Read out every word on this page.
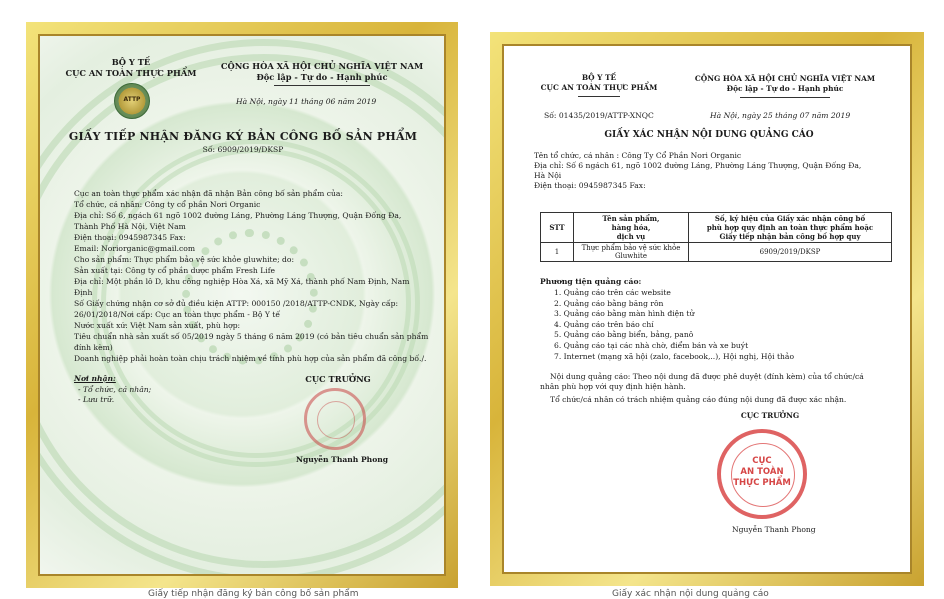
BỘ Y TẾ
CỤC AN TOÀN THỰC PHẨM
ATTP
CỘNG HÒA XÃ HỘI CHỦ NGHĨA VIỆT NAM
Độc lập - Tự do - Hạnh phúc
Hà Nội, ngày 11 tháng 06 năm 2019
GIẤY TIẾP NHẬN ĐĂNG KÝ BẢN CÔNG BỐ SẢN PHẨM
Số: 6909/2019/DKSP
Cục an toàn thực phẩm xác nhận đã nhận Bản công bố sản phẩm của:
Tổ chức, cá nhân: Công ty cổ phần Nori Organic
Địa chỉ: Số 6, ngách 61 ngõ 1002 đường Láng, Phường Láng Thượng, Quận Đống Đa,
Thành Phố Hà Nội, Việt Nam
Điện thoại: 0945987345 Fax:
Email: Noriorganic@gmail.com
Cho sản phẩm: Thực phẩm bảo vệ sức khỏe gluwhite; do:
Sản xuất tại: Công ty cổ phần dược phẩm Fresh Life
Địa chỉ: Một phần lô D, khu công nghiệp Hòa Xá, xã Mỹ Xá, thành phố Nam Định, Nam
Định
Số Giấy chứng nhận cơ sở đủ điều kiện ATTP: 000150 /2018/ATTP-CNDK, Ngày cấp:
26/01/2018/Nơi cấp: Cục an toàn thực phẩm - Bộ Y tế
Nước xuất xứ: Việt Nam sản xuất, phù hợp:
Tiêu chuẩn nhà sản xuất số 05/2019 ngày 5 tháng 6 năm 2019 (có bản tiêu chuẩn sản phẩm
đính kèm)
Doanh nghiệp phải hoàn toàn chịu trách nhiệm về tính phù hợp của sản phẩm đã công bố./.
Nơi nhận:
- Tổ chức, cá nhân;
- Lưu trữ.
CỤC TRƯỞNG
Nguyễn Thanh Phong
BỘ Y TẾ
CỤC AN TOÀN THỰC PHẨM
CỘNG HÒA XÃ HỘI CHỦ NGHĨA VIỆT NAM
Độc lập - Tự do - Hạnh phúc
Số: 01435/2019/ATTP-XNQC	Hà Nội, ngày 25 tháng 07 năm 2019
GIẤY XÁC NHẬN NỘI DUNG QUẢNG CÁO
Tên tổ chức, cá nhân : Công Ty Cổ Phần Nori Organic
Địa chỉ: Số 6 ngách 61, ngõ 1002 đường Láng, Phường Láng Thượng, Quận Đống Đa,
Hà Nội
Điện thoại: 0945987345 Fax:
STT	Tên sản phẩm,
hàng hóa,
dịch vụ	Số, ký hiệu của Giấy xác nhận công bố
phù hợp quy định an toàn thực phẩm hoặc
Giấy tiếp nhận bản công bố hợp quy
1	Thực phẩm bảo vệ sức khỏe Gluwhite	6909/2019/DKSP
Phương tiện quảng cáo:
1. Quảng cáo trên các website
2. Quảng cáo bằng băng rôn
3. Quảng cáo bằng màn hình điện tử
4. Quảng cáo trên báo chí
5. Quảng cáo bằng biển, bảng, panô
6. Quảng cáo tại các nhà chờ, điểm bán và xe buýt
7. Internet (mạng xã hội (zalo, facebook,..), Hội nghị, Hội thảo
Nội dung quảng cáo: Theo nội dung đã được phê duyệt (đính kèm) của tổ chức/cá
nhân phù hợp với quy định hiện hành.
Tổ chức/cá nhân có trách nhiệm quảng cáo đúng nội dung đã được xác nhận.
CỤC TRƯỞNG
CỤC
AN TOÀN
THỰC PHẨM
Nguyễn Thanh Phong
Giấy tiếp nhận đăng ký bản công bố sản phẩm	Giấy xác nhận nội dung quảng cáo
